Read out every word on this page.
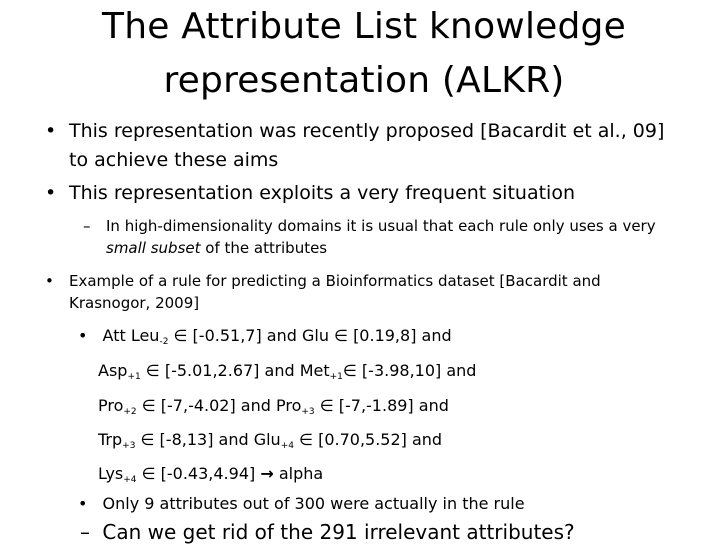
The Attribute List knowledge representation (ALKR)
• This representation was recently proposed [Bacardit et al., 09] to achieve these aims
• This representation exploits a very frequent situation
–	In high-dimensionality domains it is usual that each rule only uses a very small subset of the attributes
•	Example of a rule for predicting a Bioinformatics dataset [Bacardit and Krasnogor, 2009]
• Att Leu$_{-2}$ ∈ [-0.51,7] and Glu ∈ [0.19,8] and
Asp$_{+1}$ ∈ [-5.01,2.67] and Met$_{+1}$∈ [-3.98,10] and
Pro$_{+2}$ ∈ [-7,-4.02] and Pro$_{+3}$ ∈ [-7,-1.89] and
Trp$_{+3}$ ∈ [-8,13] and Glu$_{+4}$ ∈ [0.70,5.52] and
Lys$_{+4}$ ∈ [-0.43,4.94] → alpha
• Only 9 attributes out of 300 were actually in the rule
– Can we get rid of the 291 irrelevant attributes?
